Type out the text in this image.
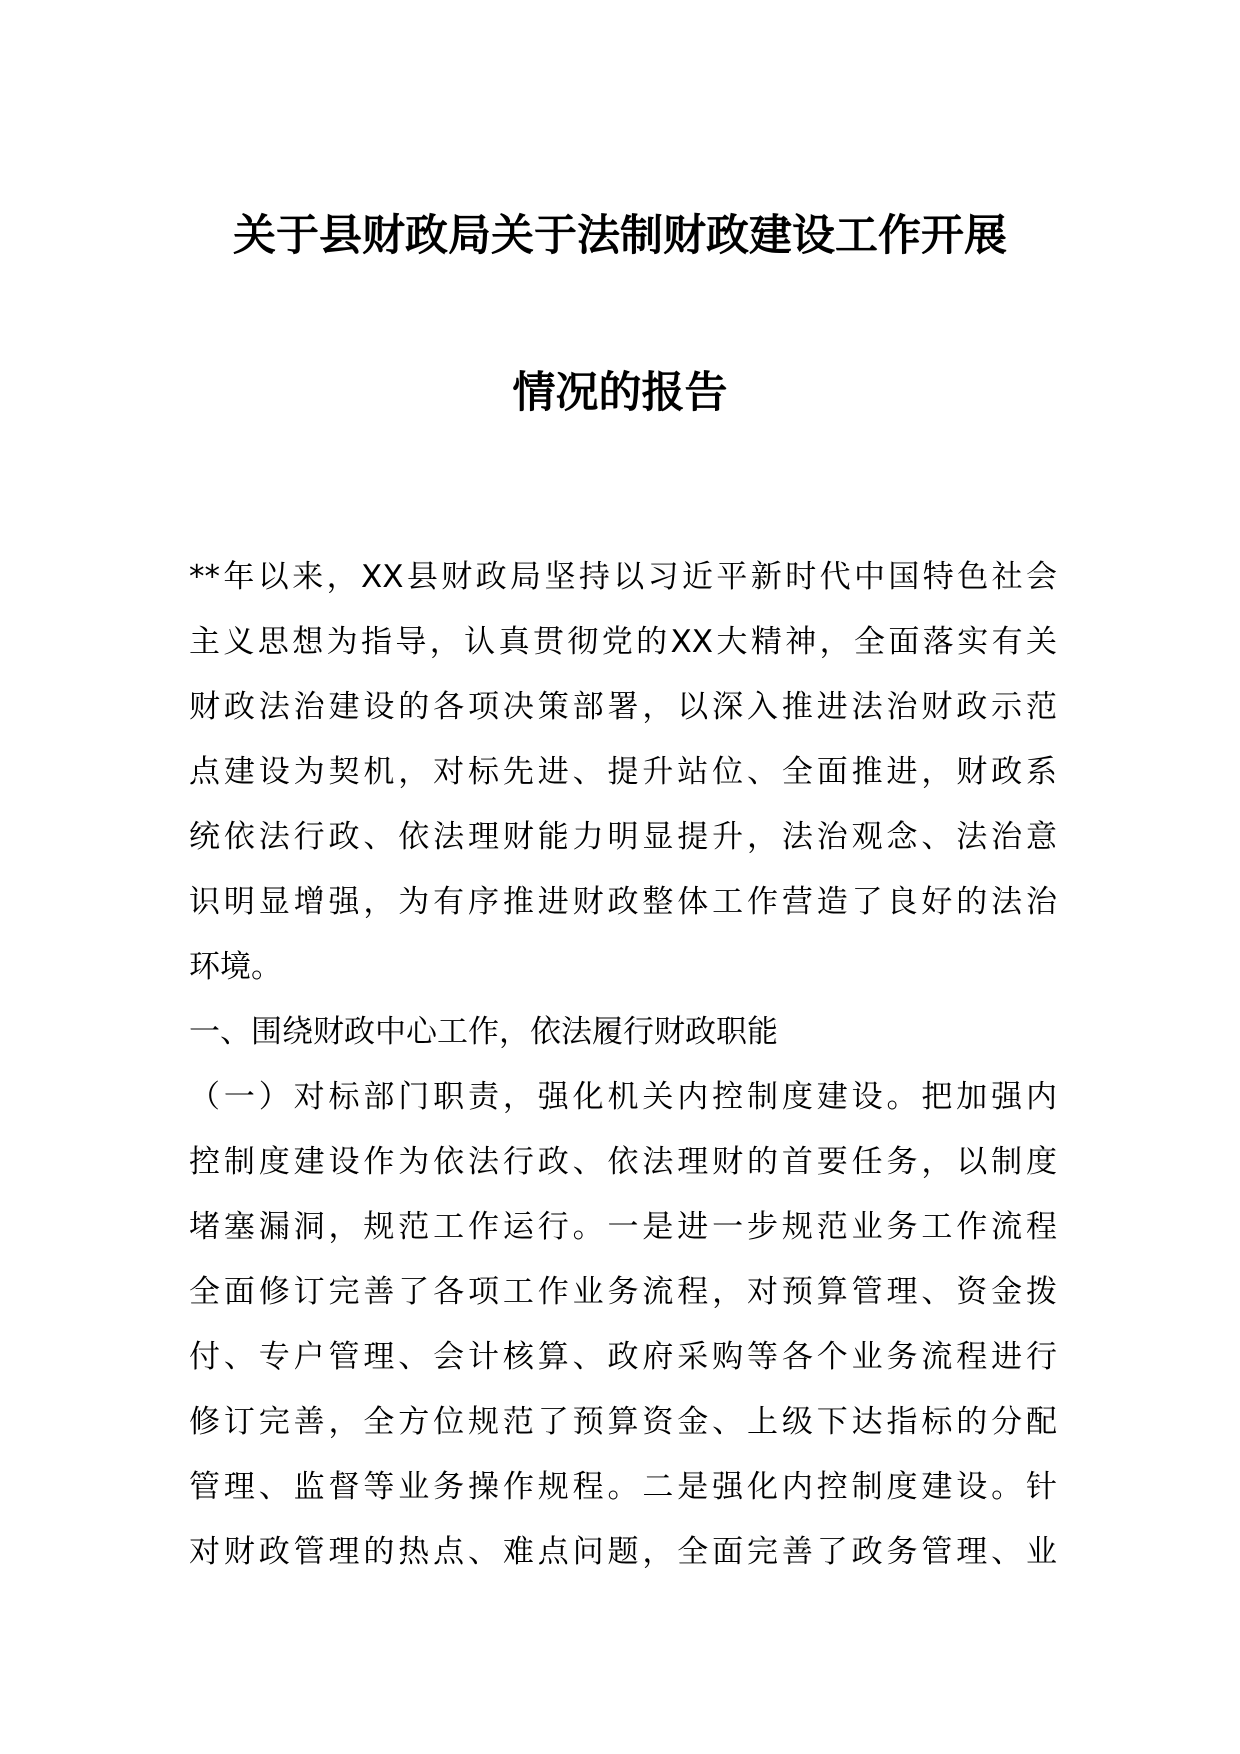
关于县财政局关于法制财政建设工作开展
情况的报告
**年以来，XX县财政局坚持以习近平新时代中国特色社会
主义思想为指导，认真贯彻党的XX大精神，全面落实有关
财政法治建设的各项决策部署，以深入推进法治财政示范
点建设为契机，对标先进、提升站位、全面推进，财政系
统依法行政、依法理财能力明显提升，法治观念、法治意
识明显增强，为有序推进财政整体工作营造了良好的法治
环境。
一、围绕财政中心工作，依法履行财政职能
（一）对标部门职责，强化机关内控制度建设。把加强内
控制度建设作为依法行政、依法理财的首要任务，以制度
堵塞漏洞，规范工作运行。一是进一步规范业务工作流程
全面修订完善了各项工作业务流程，对预算管理、资金拨
付、专户管理、会计核算、政府采购等各个业务流程进行
修订完善，全方位规范了预算资金、上级下达指标的分配
管理、监督等业务操作规程。二是强化内控制度建设。针
对财政管理的热点、难点问题，全面完善了政务管理、业
